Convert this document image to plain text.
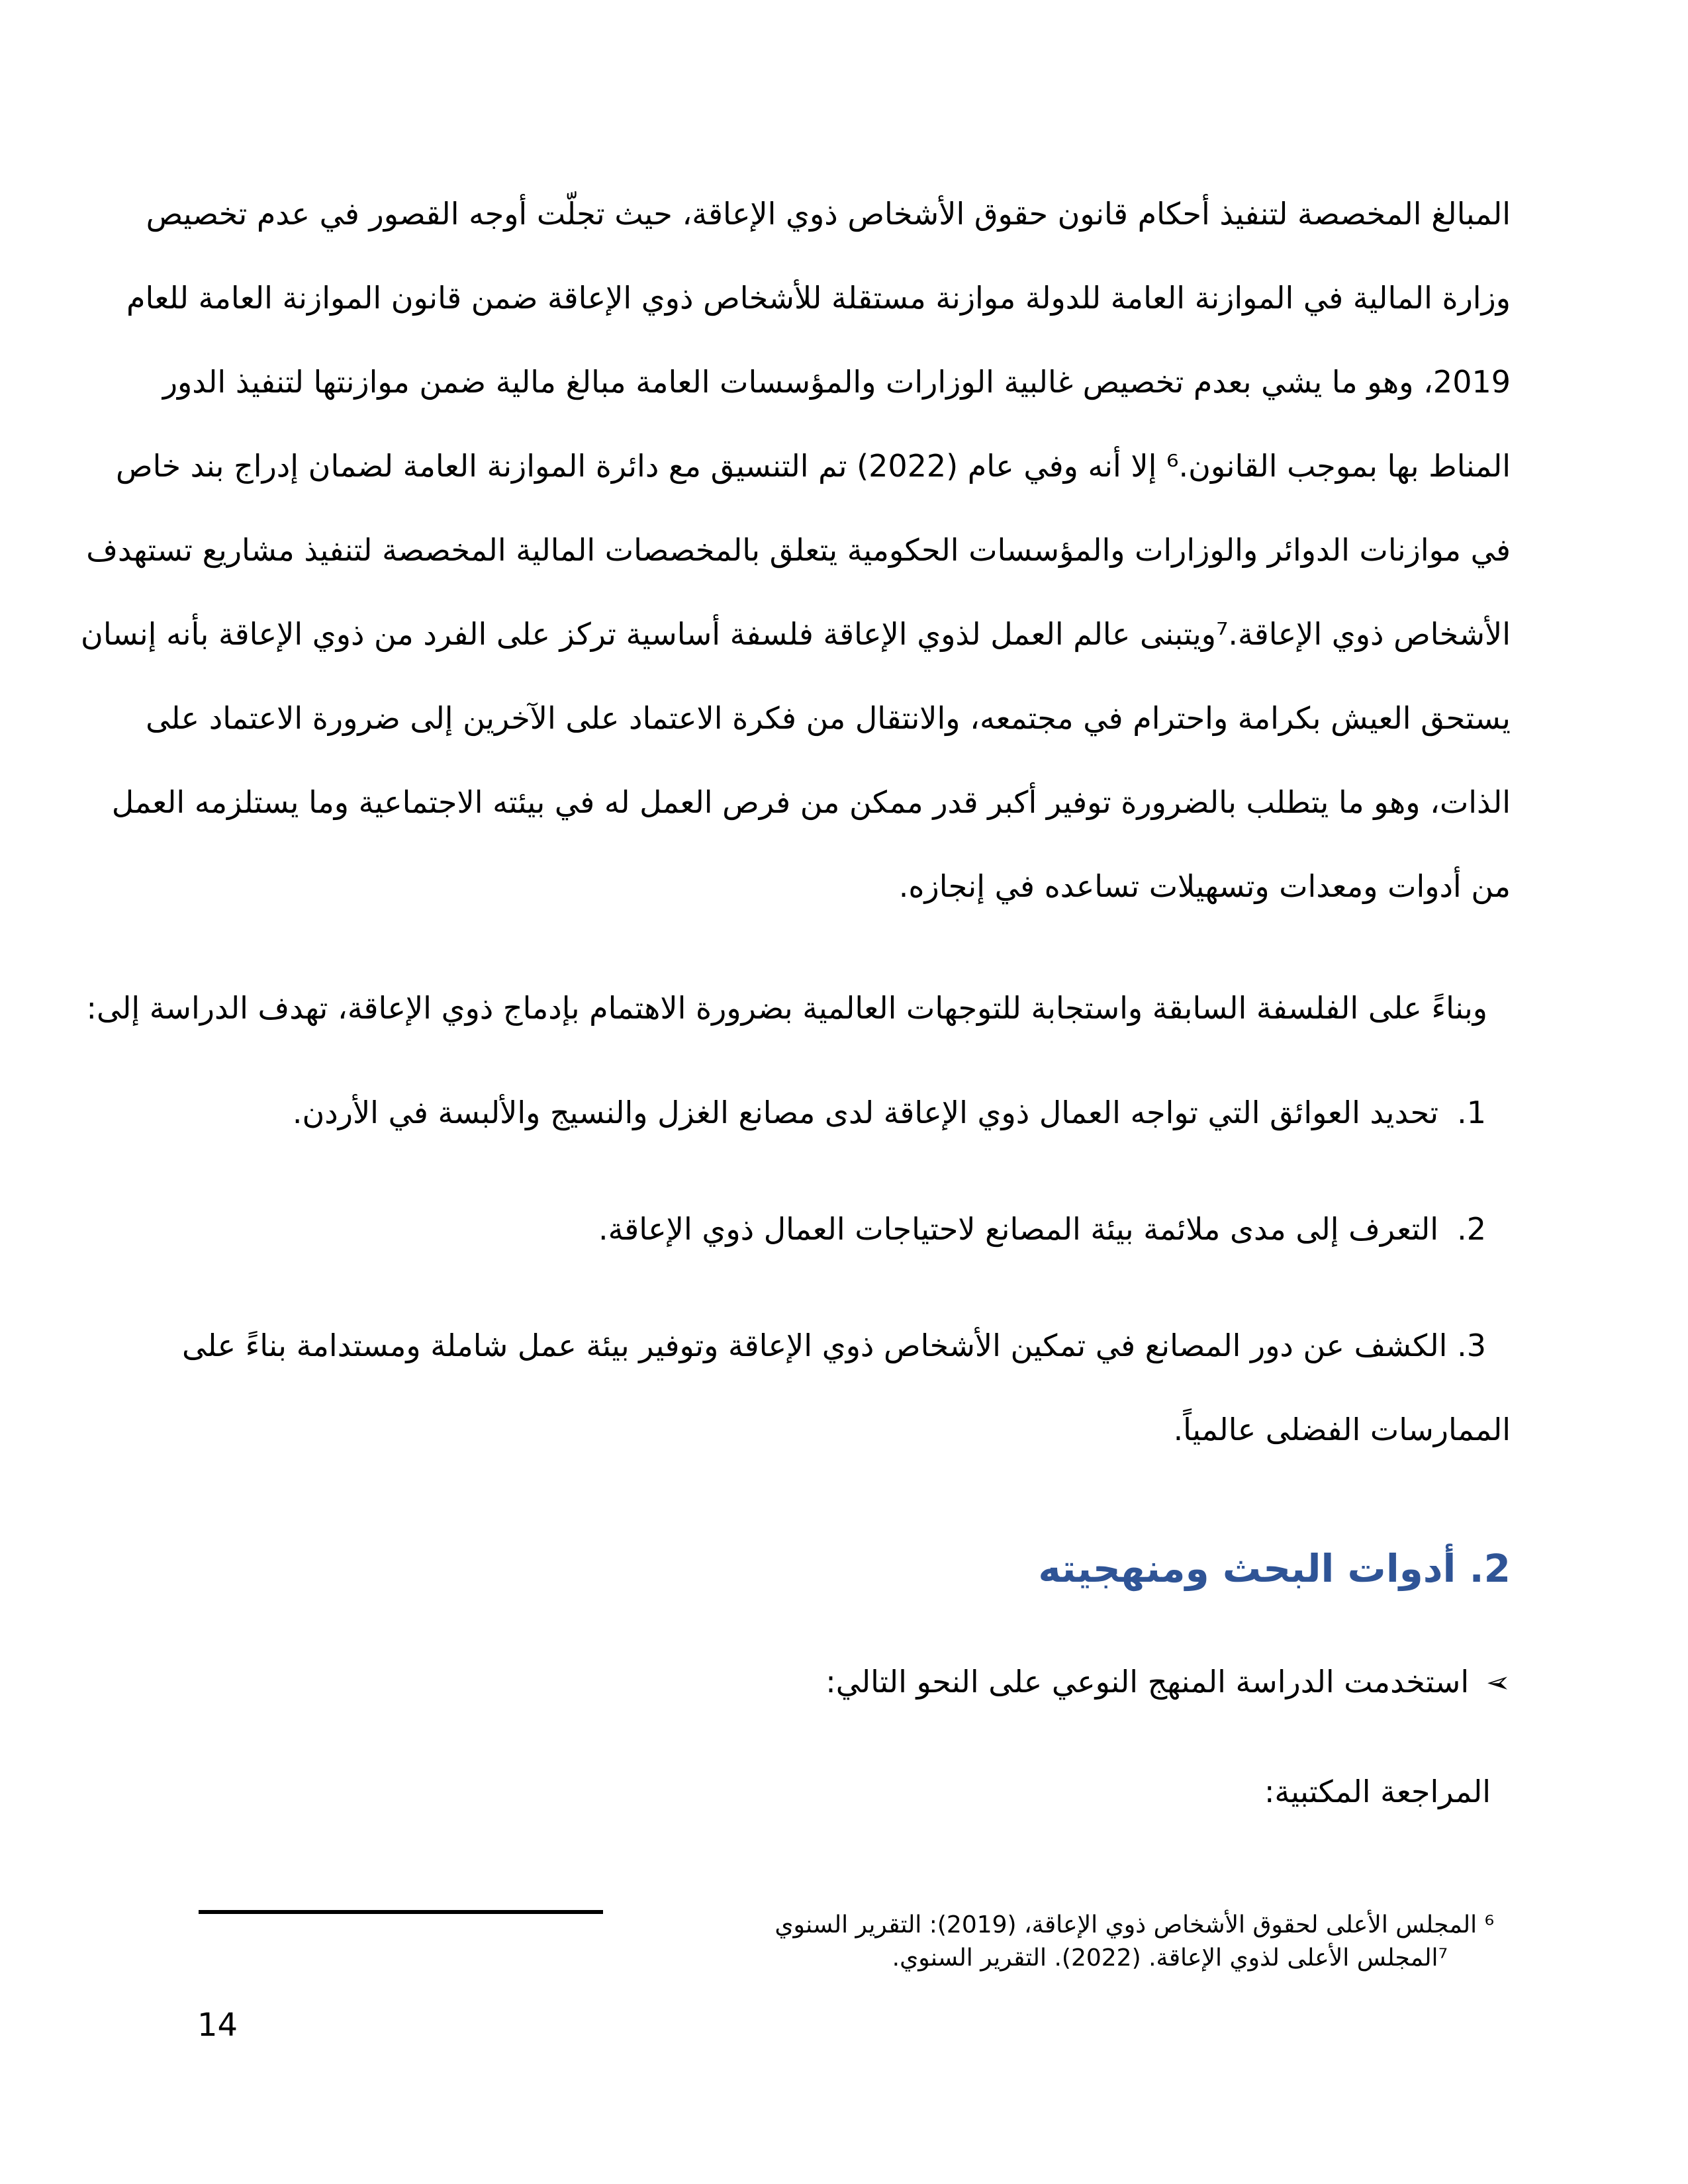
المبالغ المخصصة لتنفيذ أحكام قانون حقوق الأشخاص ذوي الإعاقة، حيث تجلّت أوجه القصور في عدم تخصيص
وزارة المالية في الموازنة العامة للدولة موازنة مستقلة للأشخاص ذوي الإعاقة ضمن قانون الموازنة العامة للعام
2019، وهو ما يشي بعدم تخصيص غالبية الوزارات والمؤسسات العامة مبالغ مالية ضمن موازنتها لتنفيذ الدور
المناط بها بموجب القانون.⁶ إلا أنه وفي عام (2022) تم التنسيق مع دائرة الموازنة العامة لضمان إدراج بند خاص
في موازنات الدوائر والوزارات والمؤسسات الحكومية يتعلق بالمخصصات المالية المخصصة لتنفيذ مشاريع تستهدف
الأشخاص ذوي الإعاقة.⁷ويتبنى عالم العمل لذوي الإعاقة فلسفة أساسية تركز على الفرد من ذوي الإعاقة بأنه إنسان
يستحق العيش بكرامة واحترام في مجتمعه، والانتقال من فكرة الاعتماد على الآخرين إلى ضرورة الاعتماد على
الذات، وهو ما يتطلب بالضرورة توفير أكبر قدر ممكن من فرص العمل له في بيئته الاجتماعية وما يستلزمه العمل
من أدوات ومعدات وتسهيلات تساعده في إنجازه.
وبناءً على الفلسفة السابقة واستجابة للتوجهات العالمية بضرورة الاهتمام بإدماج ذوي الإعاقة، تهدف الدراسة إلى:
1.تحديد العوائق التي تواجه العمال ذوي الإعاقة لدى مصانع الغزل والنسيج والألبسة في الأردن.
2.التعرف إلى مدى ملائمة بيئة المصانع لاحتياجات العمال ذوي الإعاقة.
3. الكشف عن دور المصانع في تمكين الأشخاص ذوي الإعاقة وتوفير بيئة عمل شاملة ومستدامة بناءً على
الممارسات الفضلى عالمياً.
2. أدوات البحث ومنهجيته
➢استخدمت الدراسة المنهج النوعي على النحو التالي:
المراجعة المكتبية:
⁶ المجلس الأعلى لحقوق الأشخاص ذوي الإعاقة، (2019): التقرير السنوي
⁷المجلس الأعلى لذوي الإعاقة. (2022). التقرير السنوي.
14
